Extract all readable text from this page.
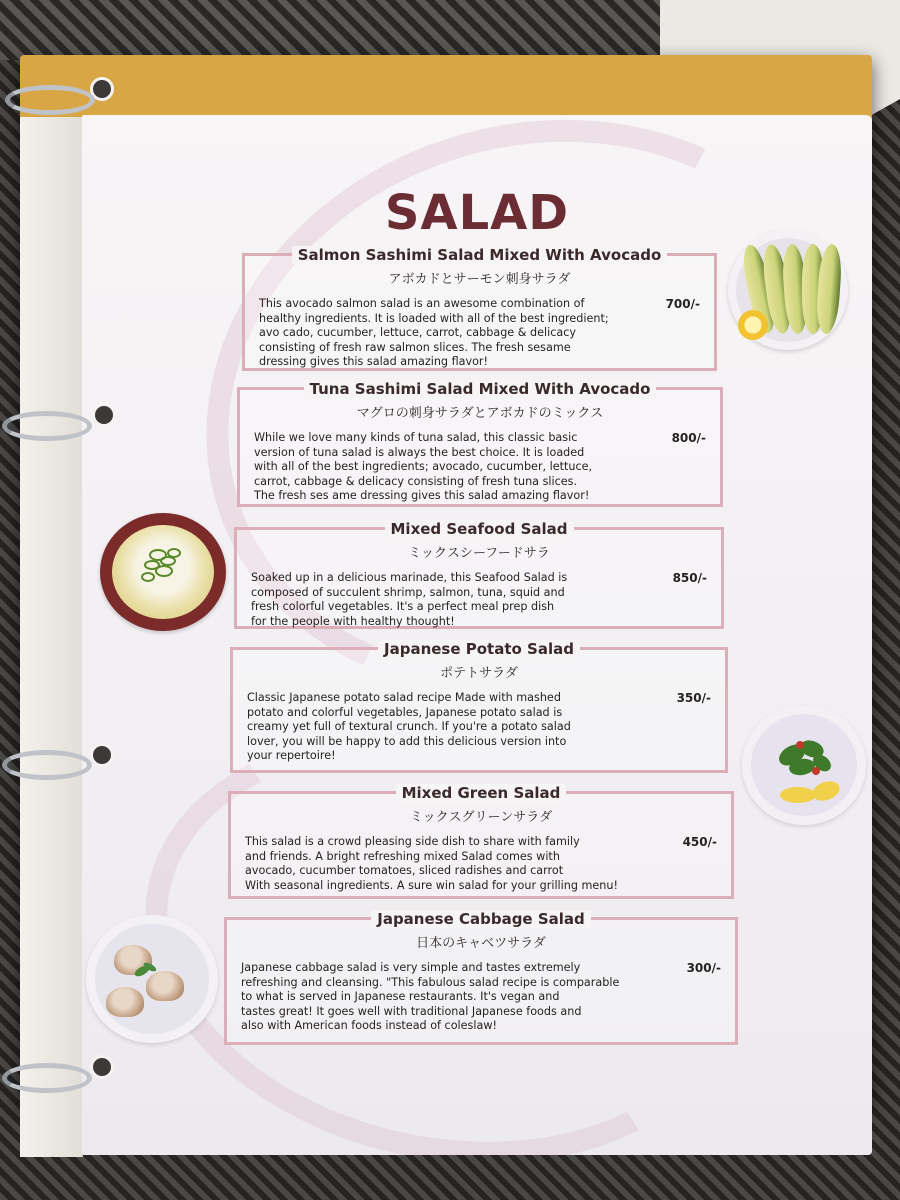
SALAD
Salmon Sashimi Salad Mixed With Avocado
アボカドとサーモン刺身サラダ
This avocado salmon salad is an awesome combination of
healthy ingredients. It is loaded with all of the best ingredient;
avo cado, cucumber, lettuce, carrot, cabbage & delicacy
consisting of fresh raw salmon slices. The fresh sesame
dressing gives this salad amazing flavor!
700/-
Tuna Sashimi Salad Mixed With Avocado
マグロの刺身サラダとアボカドのミックス
While we love many kinds of tuna salad, this classic basic
version of tuna salad is always the best choice. It is loaded
with all of the best ingredients; avocado, cucumber, lettuce,
carrot, cabbage & delicacy consisting of fresh tuna slices.
The fresh ses ame dressing gives this salad amazing flavor!
800/-
Mixed Seafood Salad
ミックスシーフードサラ
Soaked up in a delicious marinade, this Seafood Salad is
composed of succulent shrimp, salmon, tuna, squid and
fresh colorful vegetables. It's a perfect meal prep dish
for the people with healthy thought!
850/-
Japanese Potato Salad
ポテトサラダ
Classic Japanese potato salad recipe Made with mashed
potato and colorful vegetables, Japanese potato salad is
creamy yet full of textural crunch. If you're a potato salad
lover, you will be happy to add this delicious version into
your repertoire!
350/-
Mixed Green Salad
ミックスグリーンサラダ
This salad is a crowd pleasing side dish to share with family
and friends. A bright refreshing mixed Salad comes with
avocado, cucumber tomatoes, sliced radishes and carrot
With seasonal ingredients. A sure win salad for your grilling menu!
450/-
Japanese Cabbage Salad
日本のキャベツサラダ
Japanese cabbage salad is very simple and tastes extremely
refreshing and cleansing. "This fabulous salad recipe is comparable
to what is served in Japanese restaurants. It's vegan and
tastes great! It goes well with traditional Japanese foods and
also with American foods instead of coleslaw!
300/-
